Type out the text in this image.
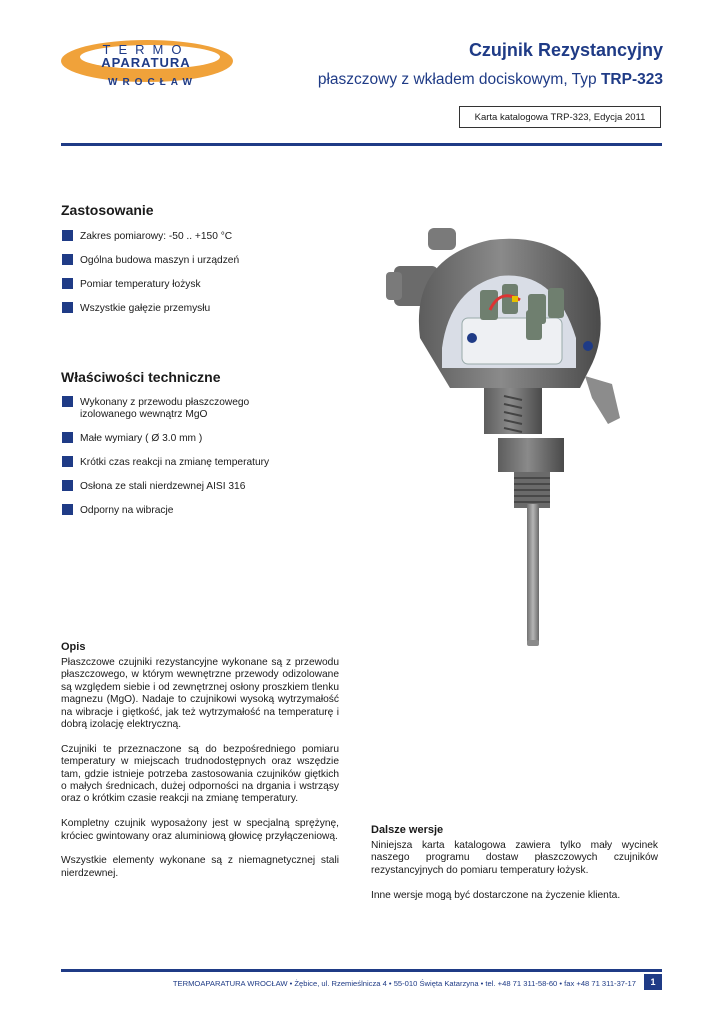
TERMO
APARATURA
WROCŁAW
Czujnik Rezystancyjny
płaszczowy z wkładem dociskowym, Typ TRP-323
Karta katalogowa TRP-323, Edycja 2011
Zastosowanie
Zakres pomiarowy: -50 .. +150 °C
Ogólna budowa maszyn i urządzeń
Pomiar temperatury łożysk
Wszystkie gałęzie przemysłu
Właściwości techniczne
Wykonany z przewodu płaszczowego izolowanego wewnątrz MgO
Małe wymiary ( Ø 3.0 mm )
Krótki czas reakcji na zmianę temperatury
Osłona ze stali nierdzewnej AISI 316
Odporny na wibracje
Opis

Płaszczowe czujniki rezystancyjne wykonane są z przewodu płaszczowego, w którym wewnętrzne przewody odizolowane są względem siebie i od zewnętrznej osłony proszkiem tlenku magnezu (MgO). Nadaje to czujnikowi wysoką wytrzymałość na wibracje i giętkość, jak też wytrzymałość na temperaturę i dobrą izolację elektryczną.

Czujniki te przeznaczone są do bezpośredniego pomiaru temperatury w miejscach trudnodostępnych oraz wszędzie tam, gdzie istnieje potrzeba zastosowania czujników giętkich o małych średnicach, dużej odporności na drgania i wstrząsy oraz o krótkim czasie reakcji na zmianę temperatury.

Kompletny czujnik wyposażony jest w specjalną sprężynę, króciec gwintowany oraz aluminiową głowicę przyłączeniową.

Wszystkie elementy wykonane są z niemagnetycznej stali nierdzewnej.

Dalsze wersje

Niniejsza karta katalogowa zawiera tylko mały wycinek naszego programu dostaw płaszczowych czujników rezystancyjnych do pomiaru temperatury łożysk.

Inne wersje mogą być dostarczone na życzenie klienta.

TERMOAPARATURA WROCŁAW • Żębice, ul. Rzemieślnicza 4 • 55-010 Święta Katarzyna • tel. +48 71 311-58-60 • fax +48 71 311-37-17	1
